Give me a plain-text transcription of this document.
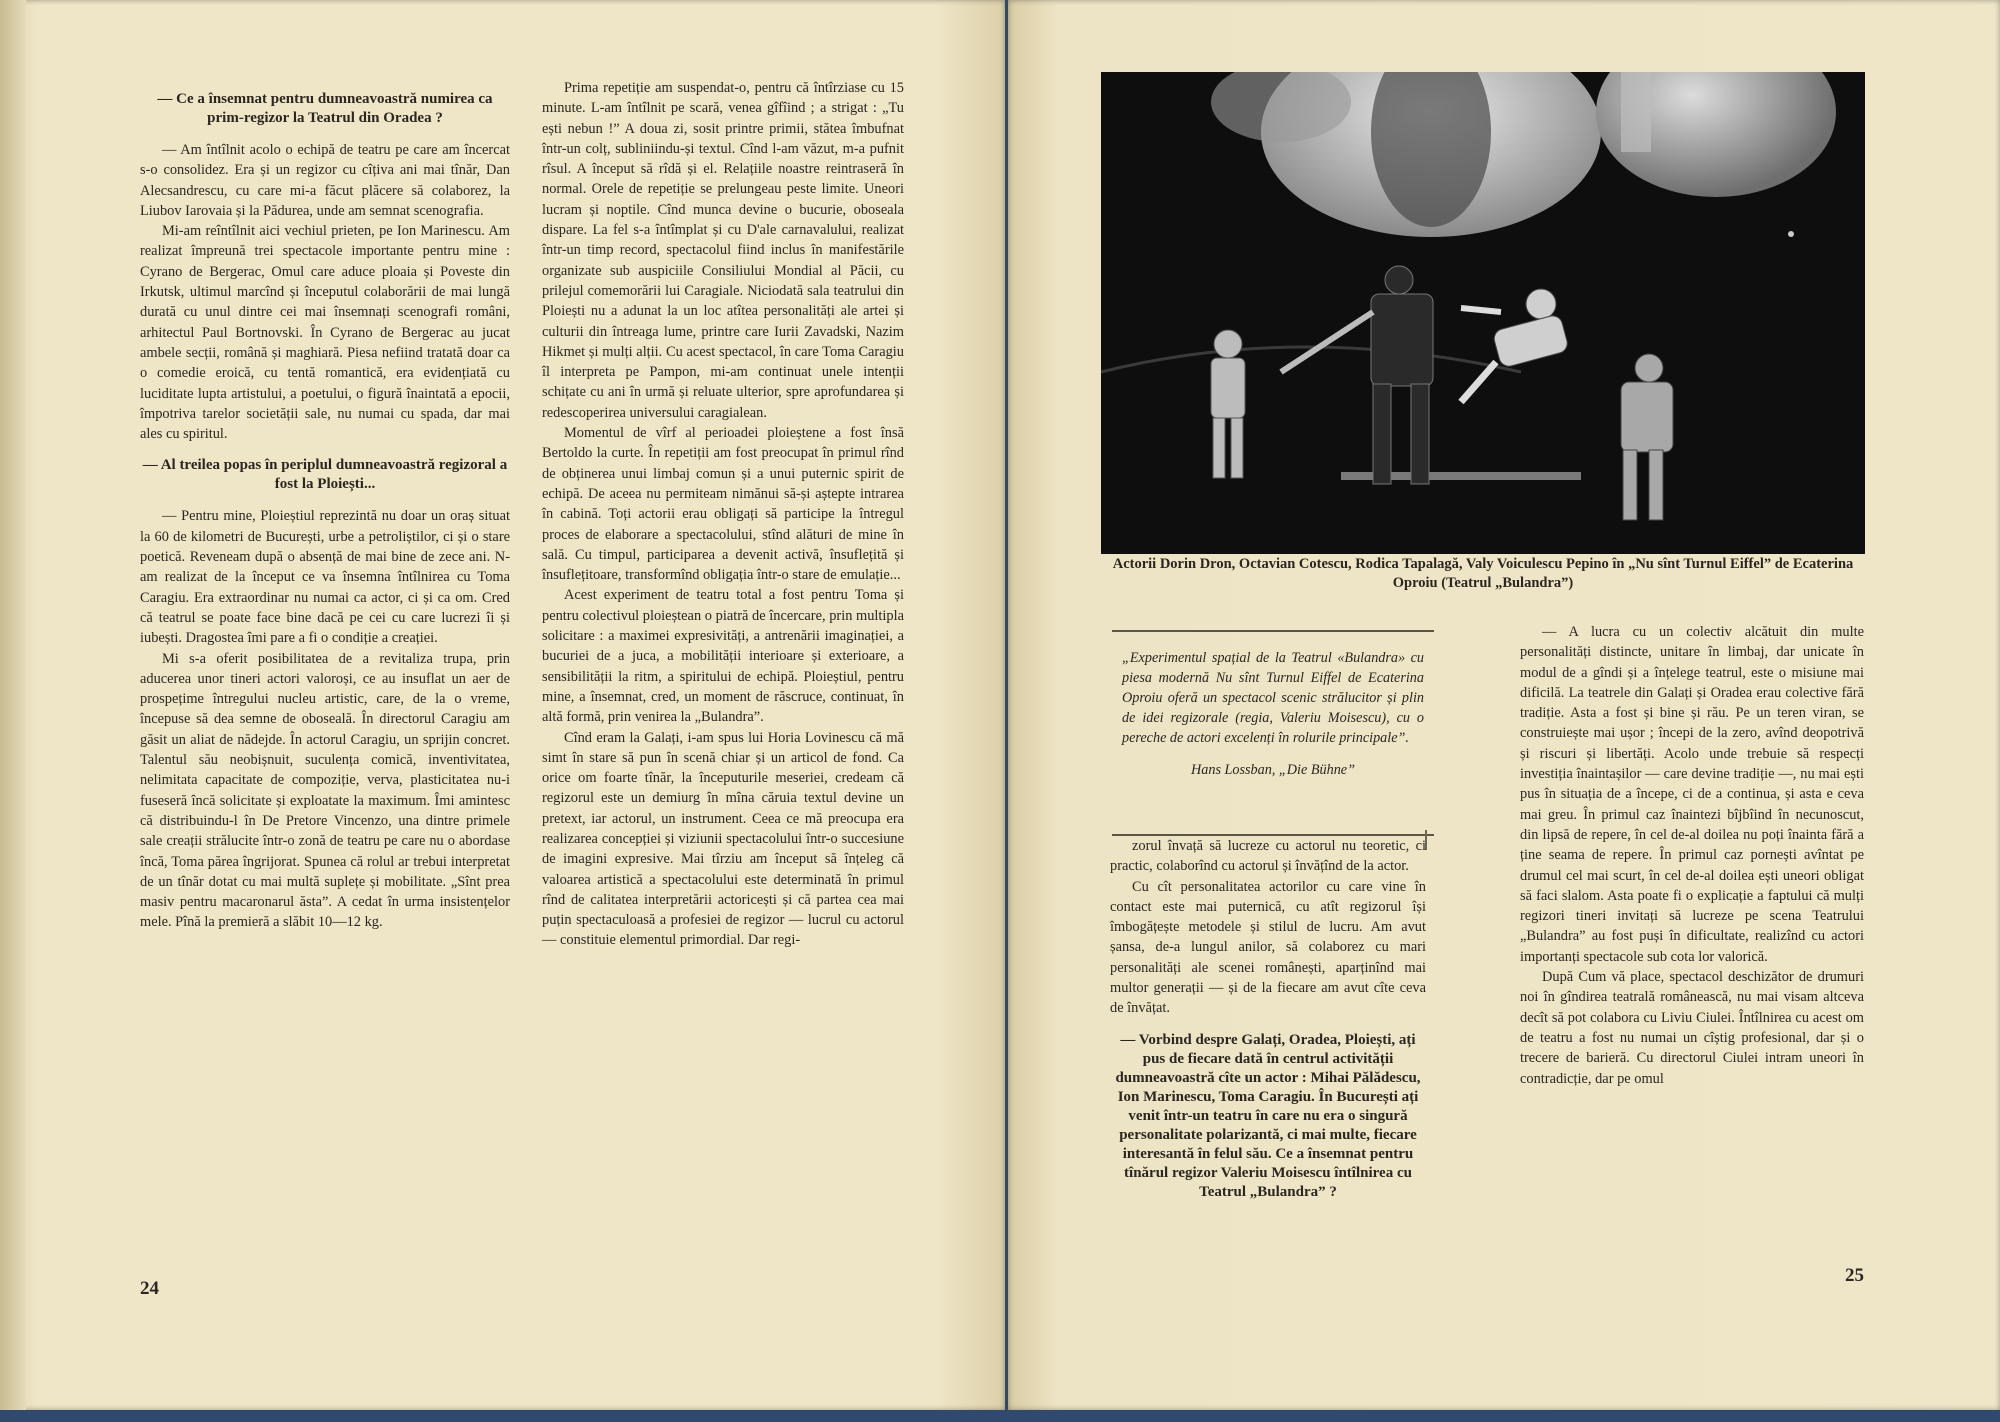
— Ce a însemnat pentru dumneavoastră numirea ca prim-regizor la Teatrul din Oradea ?

— Am întîlnit acolo o echipă de teatru pe care am încercat s-o consolidez. Era și un regizor cu cîțiva ani mai tînăr, Dan Alecsandrescu, cu care mi-a făcut plăcere să colaborez, la Liubov Iarovaia și la Pădurea, unde am semnat scenografia.

Mi-am reîntîlnit aici vechiul prieten, pe Ion Marinescu. Am realizat împreună trei spectacole importante pentru mine : Cyrano de Bergerac, Omul care aduce ploaia și Poveste din Irkutsk, ultimul marcînd și începutul colaborării de mai lungă durată cu unul dintre cei mai însemnați scenografi români, arhitectul Paul Bortnovski. În Cyrano de Bergerac au jucat ambele secții, română și maghiară. Piesa nefiind tratată doar ca o comedie eroică, cu tentă romantică, era evidențiată cu luciditate lupta artistului, a poetului, o figură înaintată a epocii, împotriva tarelor societății sale, nu numai cu spada, dar mai ales cu spiritul.

— Al treilea popas în periplul dumneavoastră regizoral a fost la Ploiești...

— Pentru mine, Ploieștiul reprezintă nu doar un oraș situat la 60 de kilometri de București, urbe a petroliștilor, ci și o stare poetică. Reveneam după o absență de mai bine de zece ani. N-am realizat de la început ce va însemna întîlnirea cu Toma Caragiu. Era extraordinar nu numai ca actor, ci și ca om. Cred că teatrul se poate face bine dacă pe cei cu care lucrezi îi și iubești. Dragostea îmi pare a fi o condiție a creației.

Mi s-a oferit posibilitatea de a revitaliza trupa, prin aducerea unor tineri actori valoroși, ce au insuflat un aer de prospețime întregului nucleu artistic, care, de la o vreme, începuse să dea semne de oboseală. În directorul Caragiu am găsit un aliat de nădejde. În actorul Caragiu, un sprijin concret. Talentul său neobișnuit, suculența comică, inventivitatea, nelimitata capacitate de compoziție, verva, plasticitatea nu-i fuseseră încă solicitate și exploatate la maximum. Îmi amintesc că distribuindu-l în De Pretore Vincenzo, una dintre primele sale creații strălucite într-o zonă de teatru pe care nu o abordase încă, Toma părea îngrijorat. Spunea că rolul ar trebui interpretat de un tînăr dotat cu mai multă suplețe și mobilitate. „Sînt prea masiv pentru macaronarul ăsta”. A cedat în urma insistențelor mele. Pînă la premieră a slăbit 10—12 kg.

Prima repetiție am suspendat-o, pentru că întîrziase cu 15 minute. L-am întîlnit pe scară, venea gîfîind ; a strigat : „Tu ești nebun !” A doua zi, sosit printre primii, stătea îmbufnat într-un colț, subliniindu-și textul. Cînd l-am văzut, m-a pufnit rîsul. A început să rîdă și el. Relațiile noastre reintraseră în normal. Orele de repetiție se prelungeau peste limite. Uneori lucram și noptile. Cînd munca devine o bucurie, oboseala dispare. La fel s-a întîmplat și cu D'ale carnavalului, realizat într-un timp record, spectacolul fiind inclus în manifestările organizate sub auspiciile Consiliului Mondial al Păcii, cu prilejul comemorării lui Caragiale. Niciodată sala teatrului din Ploiești nu a adunat la un loc atîtea personalități ale artei și culturii din întreaga lume, printre care Iurii Zavadski, Nazim Hikmet și mulți alții. Cu acest spectacol, în care Toma Caragiu îl interpreta pe Pampon, mi-am continuat unele intenții schițate cu ani în urmă și reluate ulterior, spre aprofundarea și redescoperirea universului caragialean.

Momentul de vîrf al perioadei ploieștene a fost însă Bertoldo la curte. În repetiții am fost preocupat în primul rînd de obținerea unui limbaj comun și a unui puternic spirit de echipă. De aceea nu permiteam nimănui să-și aștepte intrarea în cabină. Toți actorii erau obligați să participe la întregul proces de elaborare a spectacolului, stînd alături de mine în sală. Cu timpul, participarea a devenit activă, însuflețită și însuflețitoare, transformînd obligația într-o stare de emulație...

Acest experiment de teatru total a fost pentru Toma și pentru colectivul ploieștean o piatră de încercare, prin multipla solicitare : a maximei expresivități, a antrenării imaginației, a bucuriei de a juca, a mobilității interioare și exterioare, a sensibilității la ritm, a spiritului de echipă. Ploieștiul, pentru mine, a însemnat, cred, un moment de răscruce, continuat, în altă formă, prin venirea la „Bulandra”.

Cînd eram la Galați, i-am spus lui Horia Lovinescu că mă simt în stare să pun în scenă chiar și un articol de fond. Ca orice om foarte tînăr, la începuturile meseriei, credeam că regizorul este un demiurg în mîna căruia textul devine un pretext, iar actorul, un instrument. Ceea ce mă preocupa era realizarea concepției și viziunii spectacolului într-o succesiune de imagini expresive. Mai tîrziu am început să înțeleg că valoarea artistică a spectacolului este determinată în primul rînd de calitatea interpretării actoricești și că partea cea mai puțin spectaculoasă a profesiei de regizor — lucrul cu actorul — constituie elementul primordial. Dar regi-

24
Actorii Dorin Dron, Octavian Cotescu, Rodica Tapalagă, Valy Voiculescu Pepino în „Nu sînt Turnul Eiffel” de Ecaterina Oproiu (Teatrul „Bulandra”)
„Experimentul spațial de la Teatrul «Bulandra» cu piesa modernă Nu sînt Turnul Eiffel de Ecaterina Oproiu oferă un spectacol scenic strălucitor și plin de idei regizorale (regia, Valeriu Moisescu), cu o pereche de actori excelenți în rolurile principale”.
Hans Lossban, „Die Bühne”

zorul învață să lucreze cu actorul nu teoretic, ci practic, colaborînd cu actorul și învățînd de la actor.

Cu cît personalitatea actorilor cu care vine în contact este mai puternică, cu atît regizorul își îmbogățește metodele și stilul de lucru. Am avut șansa, de-a lungul anilor, să colaborez cu mari personalități ale scenei românești, aparținînd mai multor generații — și de la fiecare am avut cîte ceva de învățat.

— Vorbind despre Galați, Oradea, Ploiești, ați pus de fiecare dată în centrul activității dumneavoastră cîte un actor : Mihai Pălădescu, Ion Marinescu, Toma Caragiu. În București ați venit într-un teatru în care nu era o singură personalitate polarizantă, ci mai multe, fiecare interesantă în felul său. Ce a însemnat pentru tînărul regizor Valeriu Moisescu întîlnirea cu Teatrul „Bulandra” ?

— A lucra cu un colectiv alcătuit din multe personalități distincte, unitare în limbaj, dar unicate în modul de a gîndi și a înțelege teatrul, este o misiune mai dificilă. La teatrele din Galați și Oradea erau colective fără tradiție. Asta a fost și bine și rău. Pe un teren viran, se construiește mai ușor ; începi de la zero, avînd deopotrivă și riscuri și libertăți. Acolo unde trebuie să respecți investiția înaintașilor — care devine tradiție —, nu mai ești pus în situația de a începe, ci de a continua, și asta e ceva mai greu. În primul caz înaintezi bîjbîind în necunoscut, din lipsă de repere, în cel de-al doilea nu poți înainta fără a ține seama de repere. În primul caz pornești avîntat pe drumul cel mai scurt, în cel de-al doilea ești uneori obligat să faci slalom. Asta poate fi o explicație a faptului că mulți regizori tineri invitați să lucreze pe scena Teatrului „Bulandra” au fost puși în dificultate, realizînd cu actori importanți spectacole sub cota lor valorică.

După Cum vă place, spectacol deschizător de drumuri noi în gîndirea teatrală românească, nu mai visam altceva decît să pot colabora cu Liviu Ciulei. Întîlnirea cu acest om de teatru a fost nu numai un cîștig profesional, dar și o trecere de barieră. Cu directorul Ciulei intram uneori în contradicție, dar pe omul

25
